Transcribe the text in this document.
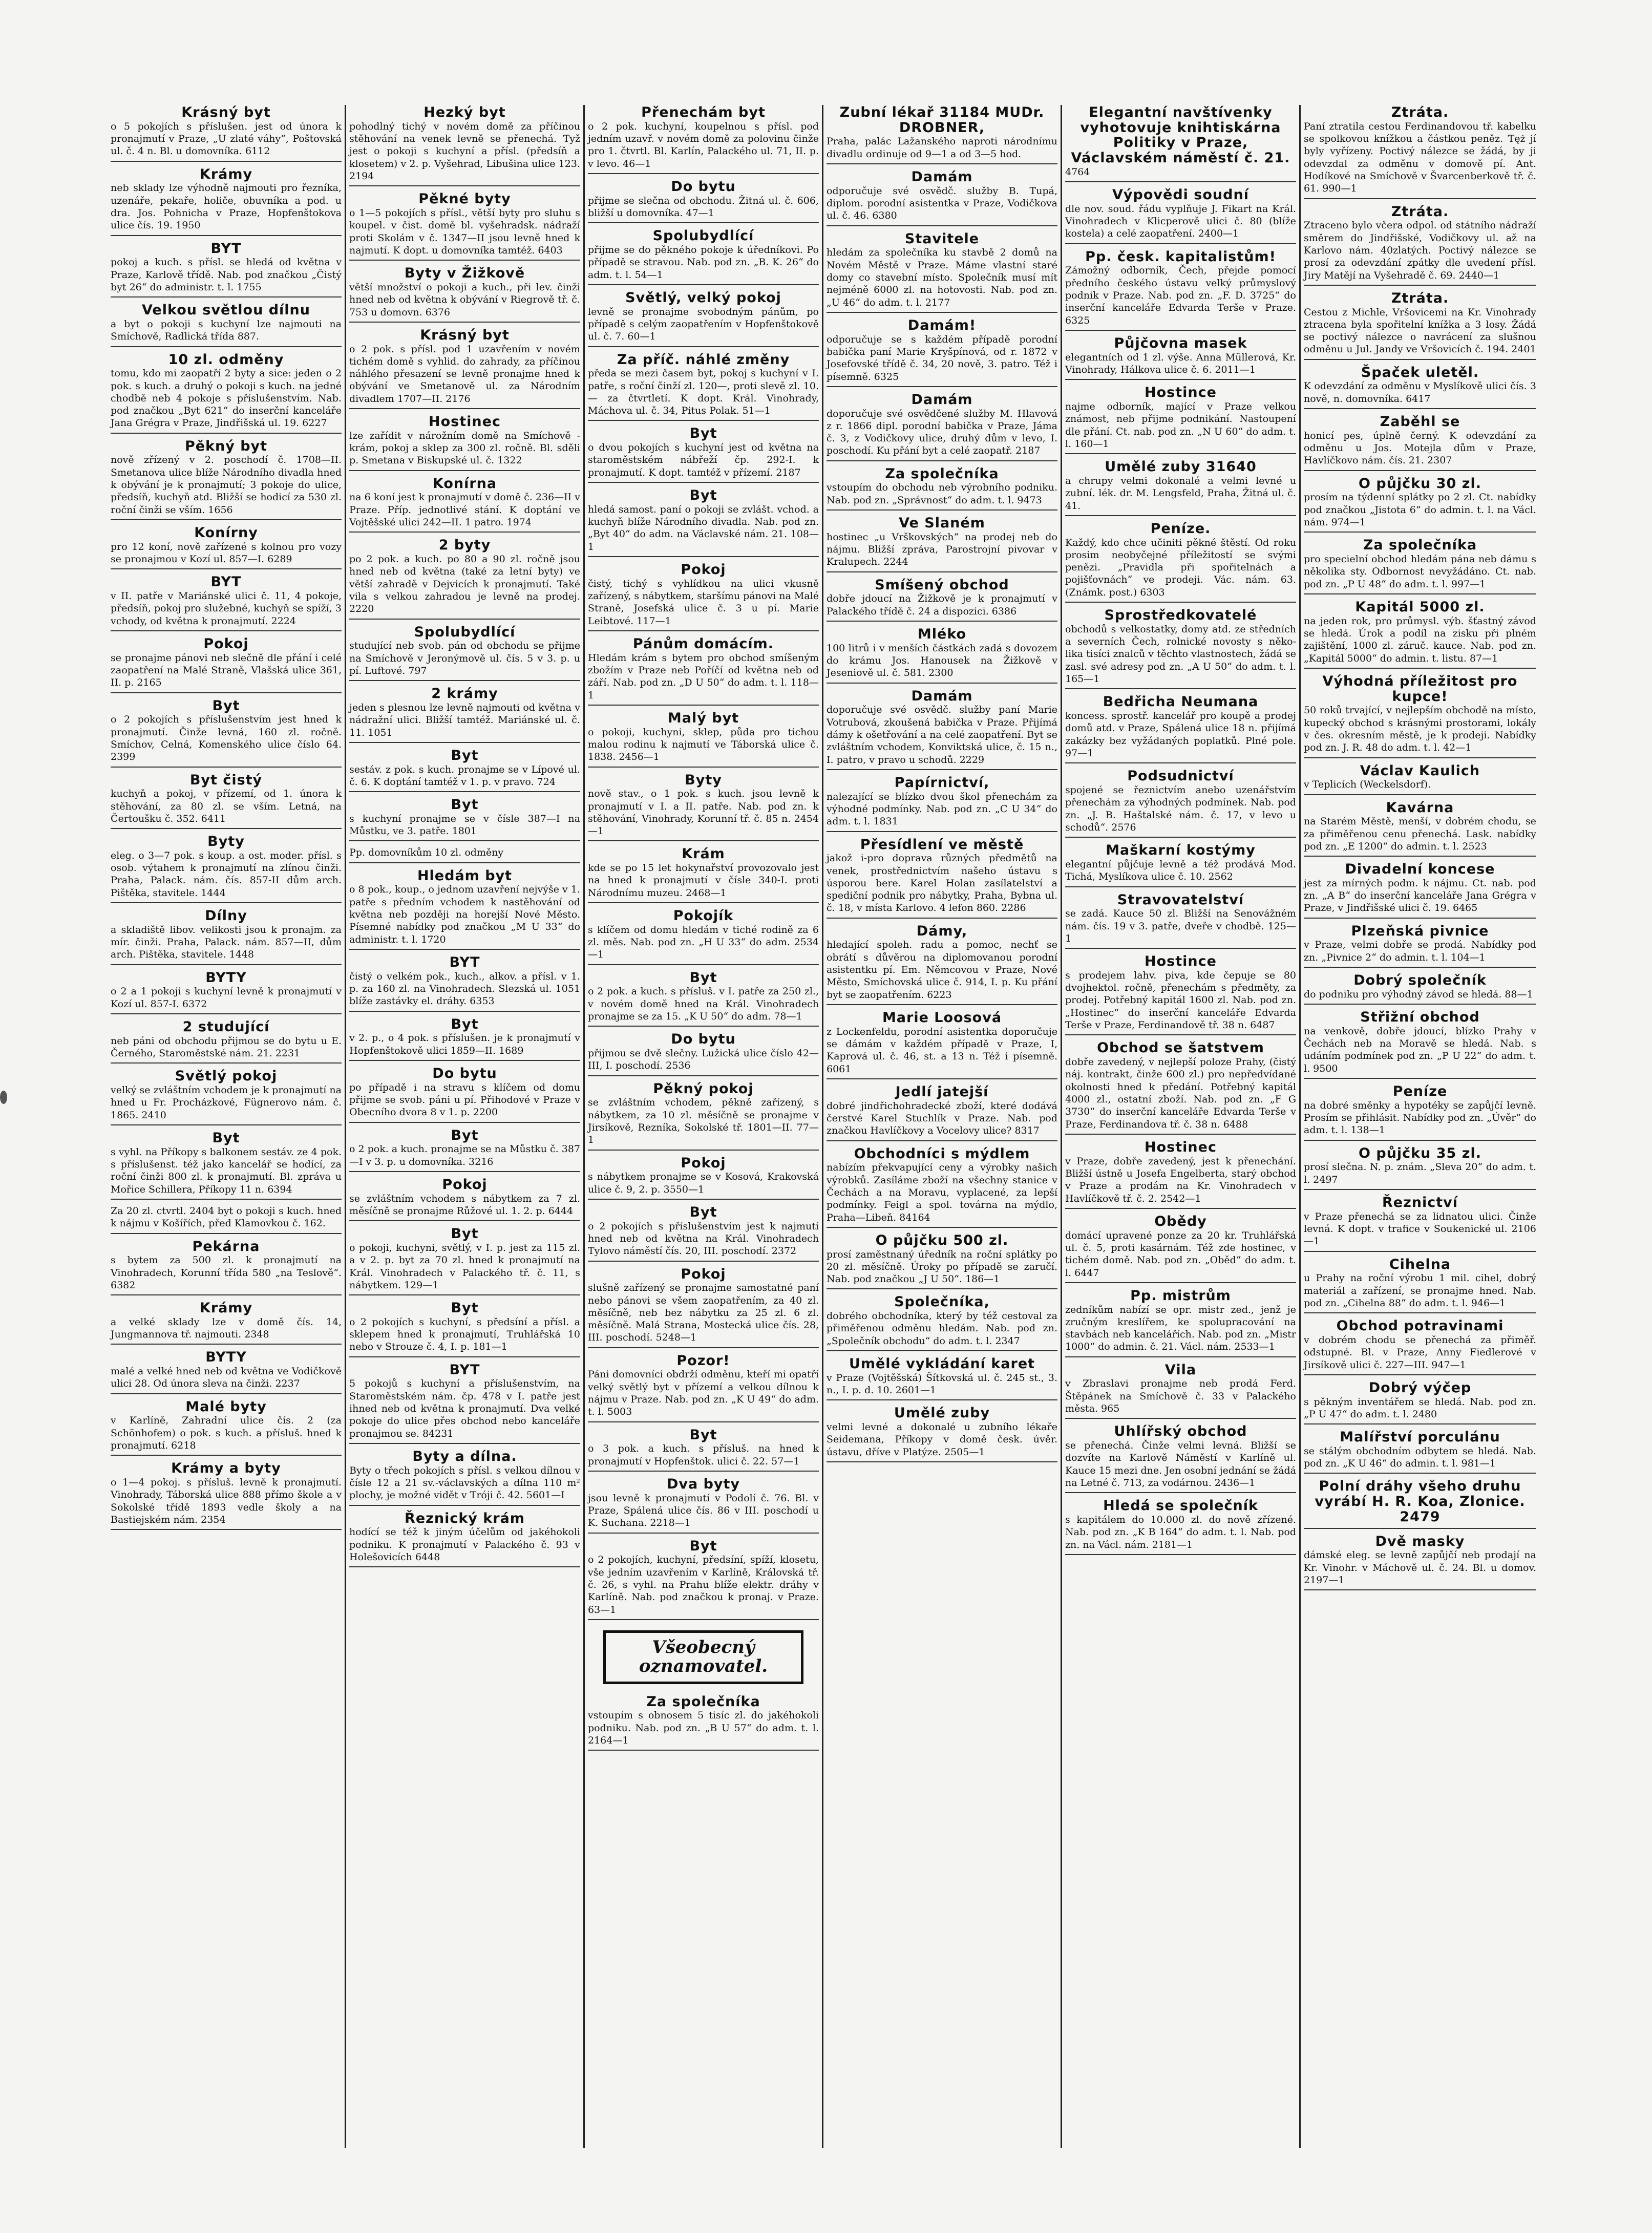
Krásný byt

o 5 pokojích s příslušen. jest od února k pronajmutí v Praze, „U zlaté váhy“, Poštovská ul. č. 4 n. Bl. u domovníka. 6112

Krámy

neb sklady lze výhodně najmouti pro řezníka, uzenáře, pekaře, holiče, obuvníka a pod. u dra. Jos. Pohnicha v Praze, Hopfenštokova ulice čís. 19. 1950

BYT

pokoj a kuch. s přísl. se hledá od května v Praze, Karlově třídě. Nab. pod značkou „Čistý byt 26“ do administr. t. l. 1755

Velkou světlou dílnu

a byt o pokoji s kuchyní lze najmouti na Smíchově, Radlická třída 887.

10 zl. odměny

tomu, kdo mi zaopatří 2 byty a sice: jeden o 2 pok. s kuch. a druhý o pokoji s kuch. na jedné chodbě neb 4 pokoje s příslušenstvím. Nab. pod značkou „Byt 621“ do inserční kanceláře Jana Grégra v Praze, Jindřišská ul. 19. 6227

Pěkný byt

nově zřízený v 2. poschodí č. 1708—II. Smetanova ulice blíže Národního divadla hned k obývání je k pronajmutí; 3 pokoje do ulice, předsíň, kuchyň atd. Bližší se hodicí za 530 zl. roční činži se vším. 1656

Konírny

pro 12 koní, nově zařízené s kolnou pro vozy se pronajmou v Kozí ul. 857—I. 6289

BYT

v II. patře v Mariánské ulici č. 11, 4 pokoje, předsíň, pokoj pro služebné, kuchyň se spíží, 3 vchody, od května k pronajmutí. 2224

Pokoj

se pronajme pánovi neb slečně dle přání i celé zaopatření na Malé Straně, Vlašská ulice 361, II. p. 2165

Byt

o 2 pokojích s příslušenstvím jest hned k pronajmutí. Činže levná, 160 zl. ročně. Smíchov, Celná, Komenského ulice číslo 64. 2399

Byt čistý

kuchyň a pokoj, v přízemí, od 1. února k stěhování, za 80 zl. se vším. Letná, na Čertoušku č. 352. 6411

Byty

eleg. o 3—7 pok. s koup. a ost. moder. přísl. s osob. výtahem k pronajmutí na zlínou činži. Praha, Palack. nám. čís. 857-II dům arch. Pištěka, stavitele. 1444

Dílny

a skladiště libov. velikosti jsou k pronajm. za mír. činži. Praha, Palack. nám. 857—II, dům arch. Pištěka, stavitele. 1448

BYTY

o 2 a 1 pokoji s kuchyní levně k pronajmutí v Kozí ul. 857-I. 6372

2 studující

neb páni od obchodu přijmou se do bytu u E. Černého, Staroměstské nám. 21. 2231

Světlý pokoj

velký se zvláštním vchodem je k pronajmutí na hned u Fr. Procházkové, Fügnerovo nám. č. 1865. 2410

Byt

s vyhl. na Příkopy s balkonem sestáv. ze 4 pok. s příslušenst. též jako kancelář se hodící, za roční činži 800 zl. k pronajmutí. Bl. zpráva u Mořice Schillera, Příkopy 11 n. 6394

Za 20 zl. ctvrtl. 2404 byt o pokoji s kuch. hned k nájmu v Košířích, před Klamovkou č. 162.

Pekárna

s bytem za 500 zl. k pronajmutí na Vinohradech, Korunní třída 580 „na Teslově“. 6382

Krámy

a velké sklady lze v domě čís. 14, Jungmannova tř. najmouti. 2348

BYTY

malé a velké hned neb od května ve Vodičkově ulici 28. Od února sleva na činži. 2237

Malé byty

v Karlíně, Zahradní ulice čís. 2 (za Schönhofem) o pok. s kuch. a přísluš. hned k pronajmutí. 6218

Krámy a byty

o 1—4 pokoj. s přísluš. levně k pronajmutí. Vinohrady, Táborská ulice 888 přímo škole a v Sokolské třídě 1893 vedle školy a na Bastiejském nám. 2354

Hezký byt

pohodlný tichý v novém domě za příčinou stěhování na venek levně se přenechá. Tyž jest o pokoji s kuchyní a přísl. (předsíň a klosetem) v 2. p. Vyšehrad, Libušina ulice 123. 2194

Pěkné byty

o 1—5 pokojích s přísl., větší byty pro sluhu s koupel. v čist. domě bl. vyšehradsk. nádraží proti Skolám v č. 1347—II jsou levně hned k najmutí. K dopt. u domovníka tamtéž. 6403

Byty v Žižkově

větší množství o pokoji a kuch., při lev. činži hned neb od května k obývání v Riegrově tř. č. 753 u domovn. 6376

Krásný byt

o 2 pok. s přísl. pod 1 uzavřením v novém tichém domě s vyhlid. do zahrady, za příčinou náhlého přesazení se levně pronajme hned k obývání ve Smetanově ul. za Národním divadlem 1707—II. 2176

Hostinec

lze zařídit v nárožním domě na Smíchově - krám, pokoj a sklep za 300 zl. ročně. Bl. sděli p. Smetana v Biskupské ul. č. 1322

Konírna

na 6 koní jest k pronajmutí v domě č. 236—II v Praze. Příp. jednotlivé stání. K doptání ve Vojtěšské ulici 242—II. 1 patro. 1974

2 byty

po 2 pok. a kuch. po 80 a 90 zl. ročně jsou hned neb od května (také za letní byty) ve větší zahradě v Dejvicích k pronajmutí. Také vila s velkou zahradou je levně na prodej. 2220

Spolubydlící

studující neb svob. pán od obchodu se přijme na Smíchově v Jeronýmově ul. čís. 5 v 3. p. u pí. Luftové. 797

2 krámy

jeden s plesnou lze levně najmouti od května v nádražní ulici. Bližší tamtéž. Mariánské ul. č. 11. 1051

Byt

sestáv. z pok. s kuch. pronajme se v Lípové ul. č. 6. K doptání tamtéž v 1. p. v pravo. 724

Byt

s kuchyní pronajme se v čísle 387—I na Můstku, ve 3. patře. 1801

Pp. domovníkům 10 zl. odměny

Hledám byt

o 8 pok., koup., o jednom uzavření nejvýše v 1. patře s předním vchodem k nastěhování od května neb později na horejší Nové Město. Písemné nabídky pod značkou „M U 33“ do administr. t. l. 1720

BYT

čistý o velkém pok., kuch., alkov. a přísl. v 1. p. za 160 zl. na Vinohradech. Slezská ul. 1051 blíže zastávky el. dráhy. 6353

Byt

v 2. p., o 4 pok. s příslušen. je k pronajmutí v Hopfenštokově ulici 1859—II. 1689

Do bytu

po případě i na stravu s klíčem od domu přijme se svob. páni u pí. Přihodové v Praze v Obecního dvora 8 v 1. p. 2200

Byt

o 2 pok. a kuch. pronajme se na Můstku č. 387—I v 3. p. u domovníka. 3216

Pokoj

se zvláštním vchodem s nábytkem za 7 zl. měsíčně se pronajme Růžové ul. 1. 2. p. 6444

Byt

o pokoji, kuchyni, světlý, v I. p. jest za 115 zl. a v 2. p. byt za 70 zl. hned k pronajmutí na Král. Vinohradech v Palackého tř. č. 11, s nábytkem. 129—1

Byt

o 2 pokojích s kuchyní, s předsíní a přísl. a sklepem hned k pronajmutí, Truhlářská 10 nebo v Strouze č. 4, I. p. 181—1

BYT

5 pokojů s kuchyní a příslušenstvím, na Staroměstském nám. čp. 478 v I. patře jest ihned neb od května k pronajmutí. Dva velké pokoje do ulice přes obchod nebo kanceláře pronajmou se. 84231

Byty a dílna.

Byty o třech pokojích s přísl. s velkou dílnou v čísle 12 a 21 sv.-václavských a dílna 110 m² plochy, je možné vidět v Tróji č. 42. 5601—I

Řeznický krám

hodící se též k jiným účelům od jakéhokoli podniku. K pronajmutí v Palackého č. 93 v Holešovicích 6448

Přenechám byt

o 2 pok. kuchyní, koupelnou s přísl. pod jedním uzavř. v novém domě za polovinu činže pro 1. čtvrtl. Bl. Karlín, Palackého ul. 71, II. p. v levo. 46—1

Do bytu

přijme se slečna od obchodu. Žitná ul. č. 606, bližší u domovníka. 47—1

Spolubydlící

přijme se do pěkného pokoje k úředníkovi. Po případě se stravou. Nab. pod zn. „B. K. 26“ do adm. t. l. 54—1

Světlý, velký pokoj

levně se pronajme svobodným pánům, po případě s celým zaopatřením v Hopfenštokově ul. č. 7. 60—1

Za příč. náhlé změny

předa se mezi časem byt, pokoj s kuchyní v I. patře, s roční činží zl. 120—, proti slevě zl. 10.— za čtvrtletí. K dopt. Král. Vinohrady, Máchova ul. č. 34, Pitus Polak. 51—1

Byt

o dvou pokojích s kuchyní jest od května na staroměstském nábřeží čp. 292-I. k pronajmutí. K dopt. tamtéž v přízemí. 2187

Byt

hledá samost. paní o pokoji se zvlášt. vchod. a kuchyň blíže Národního divadla. Nab. pod zn. „Byt 40“ do adm. na Václavské nám. 21. 108—1

Pokoj

čistý, tichý s vyhlídkou na ulici vkusně zařízený, s nábytkem, staršímu pánovi na Malé Straně, Josefská ulice č. 3 u pí. Marie Leibtové. 117—1

Pánům domácím.

Hledám krám s bytem pro obchod smíšeným zbožím v Praze neb Poříčí od května neb od září. Nab. pod zn. „D U 50“ do adm. t. l. 118—1

Malý byt

o pokoji, kuchyni, sklep, půda pro tichou malou rodinu k najmutí ve Táborská ulice č. 1838. 2456—1

Byty

nově stav., o 1 pok. s kuch. jsou levně k pronajmutí v I. a II. patře. Nab. pod zn. k stěhování, Vinohrady, Korunní tř. č. 85 n. 2454—1

Krám

kde se po 15 let hokynařství provozovalo jest na hned k pronajmutí v čísle 340-I. proti Národnímu muzeu. 2468—1

Pokojík

s klíčem od domu hledám v tiché rodině za 6 zl. měs. Nab. pod zn. „H U 33“ do adm. 2534—1

Byt

o 2 pok. a kuch. s přísluš. v I. patře za 250 zl., v novém domě hned na Král. Vinohradech pronajme se za 15. „K U 50“ do adm. 78—1

Do bytu

přijmou se dvě slečny. Lužická ulice číslo 42—III, I. poschodí. 2536

Pěkný pokoj

se zvláštním vchodem, pěkně zařízený, s nábytkem, za 10 zl. měsíčně se pronajme v Jirsíkově, Rezníka, Sokolské tř. 1801—II. 77—1

Pokoj

s nábytkem pronajme se v Kosová, Krakovská ulice č. 9, 2. p. 3550—1

Byt

o 2 pokojích s příslušenstvím jest k najmutí hned neb od května na Král. Vinohradech Tylovo náměstí čís. 20, III. poschodí. 2372

Pokoj

slušně zařízený se pronajme samostatné paní nebo pánovi se všem zaopatřením, za 40 zl. měsíčně, neb bez nábytku za 25 zl. 6 zl. měsíčně. Malá Strana, Mostecká ulice čís. 28, III. poschodí. 5248—1

Pozor!

Páni domovníci obdrží odměnu, kteří mi opatří velký světlý byt v přízemí a velkou dílnou k nájmu v Praze. Nab. pod zn. „K U 49“ do adm. t. l. 5003

Byt

o 3 pok. a kuch. s přísluš. na hned k pronajmutí v Hopfenštok. ulici č. 22. 57—1

Dva byty

jsou levně k pronajmutí v Podolí č. 76. Bl. v Praze, Spálená ulice čís. 86 v III. poschodí u K. Suchana. 2218—1

Byt

o 2 pokojích, kuchyní, předsíní, spíží, klosetu, vše jedním uzavřením v Karlíně, Královská tř. č. 26, s vyhl. na Prahu blíže elektr. dráhy v Karlíně. Nab. pod značkou k pronaj. v Praze. 63—1

Všeobecný oznamovatel.
Za společníka

vstoupím s obnosem 5 tisíc zl. do jakéhokoli podniku. Nab. pod zn. „B U 57“ do adm. t. l. 2164—1

Zubní lékař 31184 MUDr. DROBNER,

Praha, palác Lažanského naproti národnímu divadlu ordinuje od 9—1 a od 3—5 hod.

Damám

odporučuje své osvědč. služby B. Tupá, diplom. porodní asistentka v Praze, Vodičkova ul. č. 46. 6380

Stavitele

hledám za společníka ku stavbě 2 domů na Novém Městě v Praze. Máme vlastní staré domy co stavební místo. Společník musí mít nejméně 6000 zl. na hotovosti. Nab. pod zn. „U 46“ do adm. t. l. 2177

Damám!

odporučuje se s každém případě porodní babička paní Marie Kryšpínová, od r. 1872 v Josefovské třídě č. 34, 20 nově, 3. patro. Též i písemně. 6325

Damám

doporučuje své osvědčené služby M. Hlavová z r. 1866 dipl. porodní babička v Praze, Jáma č. 3, z Vodičkovy ulice, druhý dům v levo, I. poschodí. Ku přání byt a celé zaopatř. 2187

Za společníka

vstoupím do obchodu neb výrobního podniku. Nab. pod zn. „Správnost“ do adm. t. l. 9473

Ve Slaném

hostinec „u Vrškovských“ na prodej neb do nájmu. Bližší zpráva, Parostrojní pivovar v Kralupech. 2244

Smíšený obchod

dobře jdoucí na Žižkově je k pronajmutí v Palackého třídě č. 24 a dispozici. 6386

Mléko

100 litrů i v menších částkách zadá s dovozem do krámu Jos. Hanousek na Žižkově v Jeseniově ul. č. 581. 2300

Damám

doporučuje své osvědč. služby paní Marie Votrubová, zkoušená babička v Praze. Přijímá dámy k ošetřování a na celé zaopatření. Byt se zvláštním vchodem, Konviktská ulice, č. 15 n., I. patro, v pravo u schodů. 2229

Papírnictví,

nalezající se blízko dvou škol přenechám za výhodné podmínky. Nab. pod zn. „C U 34“ do adm. t. l. 1831

Přesídlení ve městě

jakož i-pro doprava různých předmětů na venek, prostřednictvím našeho ústavu s úsporou bere. Karel Holan zasílatelství a spediční podnik pro nábytky, Praha, Bybna ul. č. 18, v místa Karlovo. 4 lefon 860. 2286

Dámy,

hledající spoleh. radu a pomoc, nechť se obrátí s důvěrou na diplomovanou porodní asistentku pí. Em. Němcovou v Praze, Nové Město, Smíchovská ulice č. 914, I. p. Ku přání byt se zaopatřením. 6223

Marie Loosová

z Lockenfeldu, porodní asistentka doporučuje se dámám v každém případě v Praze, I, Kaprová ul. č. 46, st. a 13 n. Též i písemně. 6061

Jedlí jatejší

dobré jindřichohradecké zboží, které dodává čerstvé Karel Stuchlík v Praze. Nab. pod značkou Havlíčkovy a Vocelovy ulice? 8317

Obchodníci s mýdlem

nabízím překvapující ceny a výrobky našich výrobků. Zasíláme zboží na všechny stanice v Čechách a na Moravu, vyplacené, za lepší podmínky. Feigl a spol. továrna na mýdlo, Praha—Libeň. 84164

O půjčku 500 zl.

prosí zaměstnaný úředník na roční splátky po 20 zl. měsíčně. Úroky po případě se zaručí. Nab. pod značkou „J U 50“. 186—1

Společníka,

dobrého obchodníka, který by též cestoval za přiměřenou odměnu hledám. Nab. pod zn. „Společník obchodu“ do adm. t. l. 2347

Umělé vykládání karet

v Praze (Vojtěšská) Šítkovská ul. č. 245 st., 3. n., I. p. d. 10. 2601—1

Umělé zuby

velmi levné a dokonalé u zubního lékaře Seidemana, Příkopy v domě česk. úvěr. ústavu, dříve v Platýze. 2505—1

Elegantní navštívenky vyhotovuje knihtiskárna Politiky v Praze, Václavském náměstí č. 21.

4764

Výpovědi soudní

dle nov. soud. řádu vyplňuje J. Fikart na Král. Vinohradech v Klicperově ulici č. 80 (blíže kostela) a celé zaopatření. 2400—1

Pp. česk. kapitalistům!

Zámožný odborník, Čech, přejde pomocí předního českého ústavu velký průmyslový podnik v Praze. Nab. pod zn. „F. D. 3725“ do inserční kanceláře Edvarda Terše v Praze. 6325

Půjčovna masek

elegantních od 1 zl. výše. Anna Müllerová, Kr. Vinohrady, Hálkova ulice č. 6. 2011—1

Hostince

najme odborník, mající v Praze velkou známost, neb přijme podnikání. Nastoupení dle přání. Ct. nab. pod zn. „N U 60“ do adm. t. l. 160—1

Umělé zuby 31640

a chrupy velmi dokonalé a velmi levné u zubní. lék. dr. M. Lengsfeld, Praha, Žitná ul. č. 41.

Peníze.

Každý, kdo chce učiniti pěkné štěstí. Od roku prosim neobyčejné příležitostí se svými penězi. „Pravidla při spořitelnách a pojišťovnách“ ve prodeji. Vác. nám. 63. (Známk. post.) 6303

Sprostředkovatelé

obchodů s velkostatky, domy atd. ze středních a severních Čech, rolnické novosty s něko- lika tisíci znalců v těchto vlastnostech, žádá se zasl. své adresy pod zn. „A U 50“ do adm. t. l. 165—1

Bedřicha Neumana

koncess. sprostř. kancelář pro koupě a prodej domů atd. v Praze, Spálená ulice 18 n. přijímá zakázky bez vyžádaných poplatků. Plné pole. 97—1

Podsudnictví

spojené se řeznictvím anebo uzenářstvím přenechám za výhodných podmínek. Nab. pod zn. „J. B. Haštalské nám. č. 17, v levo u schodů“. 2576

Maškarní kostýmy

elegantní půjčuje levně a též prodává Mod. Tichá, Myslíkova ulice č. 10. 2562

Stravovatelství

se zadá. Kauce 50 zl. Bližší na Senovážném nám. čís. 19 v 3. patře, dveře v chodbě. 125—1

Hostince

s prodejem lahv. piva, kde čepuje se 80 dvojhektol. ročně, přenechám s předměty, za prodej. Potřebný kapitál 1600 zl. Nab. pod zn. „Hostinec“ do inserční kanceláře Edvarda Terše v Praze, Ferdinandově tř. 38 n. 6487

Obchod se šatstvem

dobře zavedený, v nejlepší poloze Prahy, (čistý náj. kontrakt, činže 600 zl.) pro nepředvídané okolnosti hned k předání. Potřebný kapitál 4000 zl., ostatní zboží. Nab. pod zn. „F G 3730“ do inserční kanceláře Edvarda Terše v Praze, Ferdinandova tř. č. 38 n. 6488

Hostinec

v Praze, dobře zavedený, jest k přenechání. Bližší ústně u Josefa Engelberta, starý obchod v Praze a prodám na Kr. Vinohradech v Havlíčkově tř. č. 2. 2542—1

Obědy

domácí upravené ponze za 20 kr. Truhlářská ul. č. 5, proti kasárnám. Též zde hostinec, v tichém domě. Nab. pod zn. „Oběd“ do adm. t. l. 6447

Pp. mistrům

zedníkům nabízí se opr. mistr zed., jenž je zručným kreslířem, ke spolupracování na stavbách neb kancelářích. Nab. pod zn. „Mistr 1000“ do admin. č. 21. Václ. nám. 2533—1

Vila

v Zbraslavi pronajme neb prodá Ferd. Štěpánek na Smíchově č. 33 v Palackého města. 965

Uhlířský obchod

se přenechá. Činže velmi levná. Bližší se dozvíte na Karlově Náměstí v Karlíně ul. Kauce 15 mezi dne. Jen osobní jednání se žádá na Letné č. 713, za vodárnou. 2436—1

Hledá se společník

s kapitálem do 10.000 zl. do nově zřízené. Nab. pod zn. „K B 164“ do adm. t. l. Nab. pod zn. na Václ. nám. 2181—1

Ztráta.

Paní ztratila cestou Ferdinandovou tř. kabelku se spolkovou knížkou a částkou peněz. Tęż jí byly vyřízeny. Poctivý nálezce se žádá, by ji odevzdal za odměnu v domově pí. Ant. Hodíkové na Smíchově v Švarcenberkově tř. č. 61. 990—1

Ztráta.

Ztraceno bylo včera odpol. od státního nádraží směrem do Jindřišské, Vodičkovy ul. až na Karlovo nám. 40zlatých. Poctivý nálezce se prosí za odevzdání zpátky dle uvedení přísl. Jiry Matějí na Vyšehradě č. 69. 2440—1

Ztráta.

Cestou z Michle, Vršovicemi na Kr. Vinohrady ztracena byla spořitelní knížka a 3 losy. Žádá se poctivý nálezce o navrácení za slušnou odměnu u Jul. Jandy ve Vršovicích č. 194. 2401

Špaček uletěl.

K odevzdání za odměnu v Myslíkově ulici čís. 3 nově, n. domovníka. 6417

Zaběhl se

honicí pes, úplně černý. K odevzdání za odměnu u Jos. Motejla dům v Praze, Havlíčkovo nám. čís. 21. 2307

O půjčku 30 zl.

prosím na týdenní splátky po 2 zl. Ct. nabídky pod značkou „Jistota 6“ do admin. t. l. na Václ. nám. 974—1

Za společníka

pro specielní obchod hledám pána neb dámu s několika sty. Odbornost nevyžádáno. Ct. nab. pod zn. „P U 48“ do adm. t. l. 997—1

Kapitál 5000 zl.

na jeden rok, pro průmysl. výb. šťastný závod se hledá. Úrok a podíl na zisku při plném zajištění, 1000 zl. záruč. kauce. Nab. pod zn. „Kapitál 5000“ do admin. t. listu. 87—1

Výhodná příležitost pro kupce!

50 roků trvající, v nejlepším obchodě na místo, kupecký obchod s krásnými prostorami, lokály v čes. okresním městě, je k prodeji. Nabídky pod zn. J. R. 48 do adm. t. l. 42—1

Václav Kaulich

v Teplicích (Weckelsdorf).

Kavárna

na Starém Městě, menší, v dobrém chodu, se za přiměřenou cenu přenechá. Lask. nabídky pod zn. „E 1200“ do admin. t. l. 2523

Divadelní koncese

jest za mírných podm. k nájmu. Ct. nab. pod zn. „A B“ do inserční kanceláře Jana Grégra v Praze, v Jindřišské ulici č. 19. 6465

Plzeňská pivnice

v Praze, velmi dobře se prodá. Nabídky pod zn. „Pivnice 2“ do admin. t. l. 104—1

Dobrý společník

do podniku pro výhodný závod se hledá. 88—1

Střižní obchod

na venkově, dobře jdoucí, blízko Prahy v Čechách neb na Moravě se hledá. Nab. s udáním podmínek pod zn. „P U 22“ do adm. t. l. 9500

Peníze

na dobré směnky a hypotéky se zapůjčí levně. Prosím se přihlásit. Nabídky pod zn. „Úvěr“ do adm. t. l. 138—1

O půjčku 35 zl.

prosí slečna. N. p. znám. „Sleva 20“ do adm. t. l. 2497

Řeznictví

v Praze přenechá se za lidnatou ulici. Činže levná. K dopt. v trafice v Soukenické ul. 2106—1

Cihelna

u Prahy na roční výrobu 1 mil. cihel, dobrý materiál a zařízení, se pronajme hned. Nab. pod zn. „Cihelna 88“ do adm. t. l. 946—1

Obchod potravinami

v dobrém chodu se přenechá za přiměř. odstupné. Bl. v Praze, Anny Fiedlerové v Jirsíkově ulici č. 227—III. 947—1

Dobrý výčep

s pěkným inventářem se hledá. Nab. pod zn. „P U 47“ do adm. t. l. 2480

Malířství porculánu

se stálým obchodním odbytem se hledá. Nab. pod zn. „K U 46“ do admin. t. l. 981—1

Polní dráhy všeho druhu vyrábí H. R. Koa, Zlonice. 2479
Dvě masky

dámské eleg. se levně zapůjčí neb prodají na Kr. Vinohr. v Máchově ul. č. 24. Bl. u domov. 2197—1
